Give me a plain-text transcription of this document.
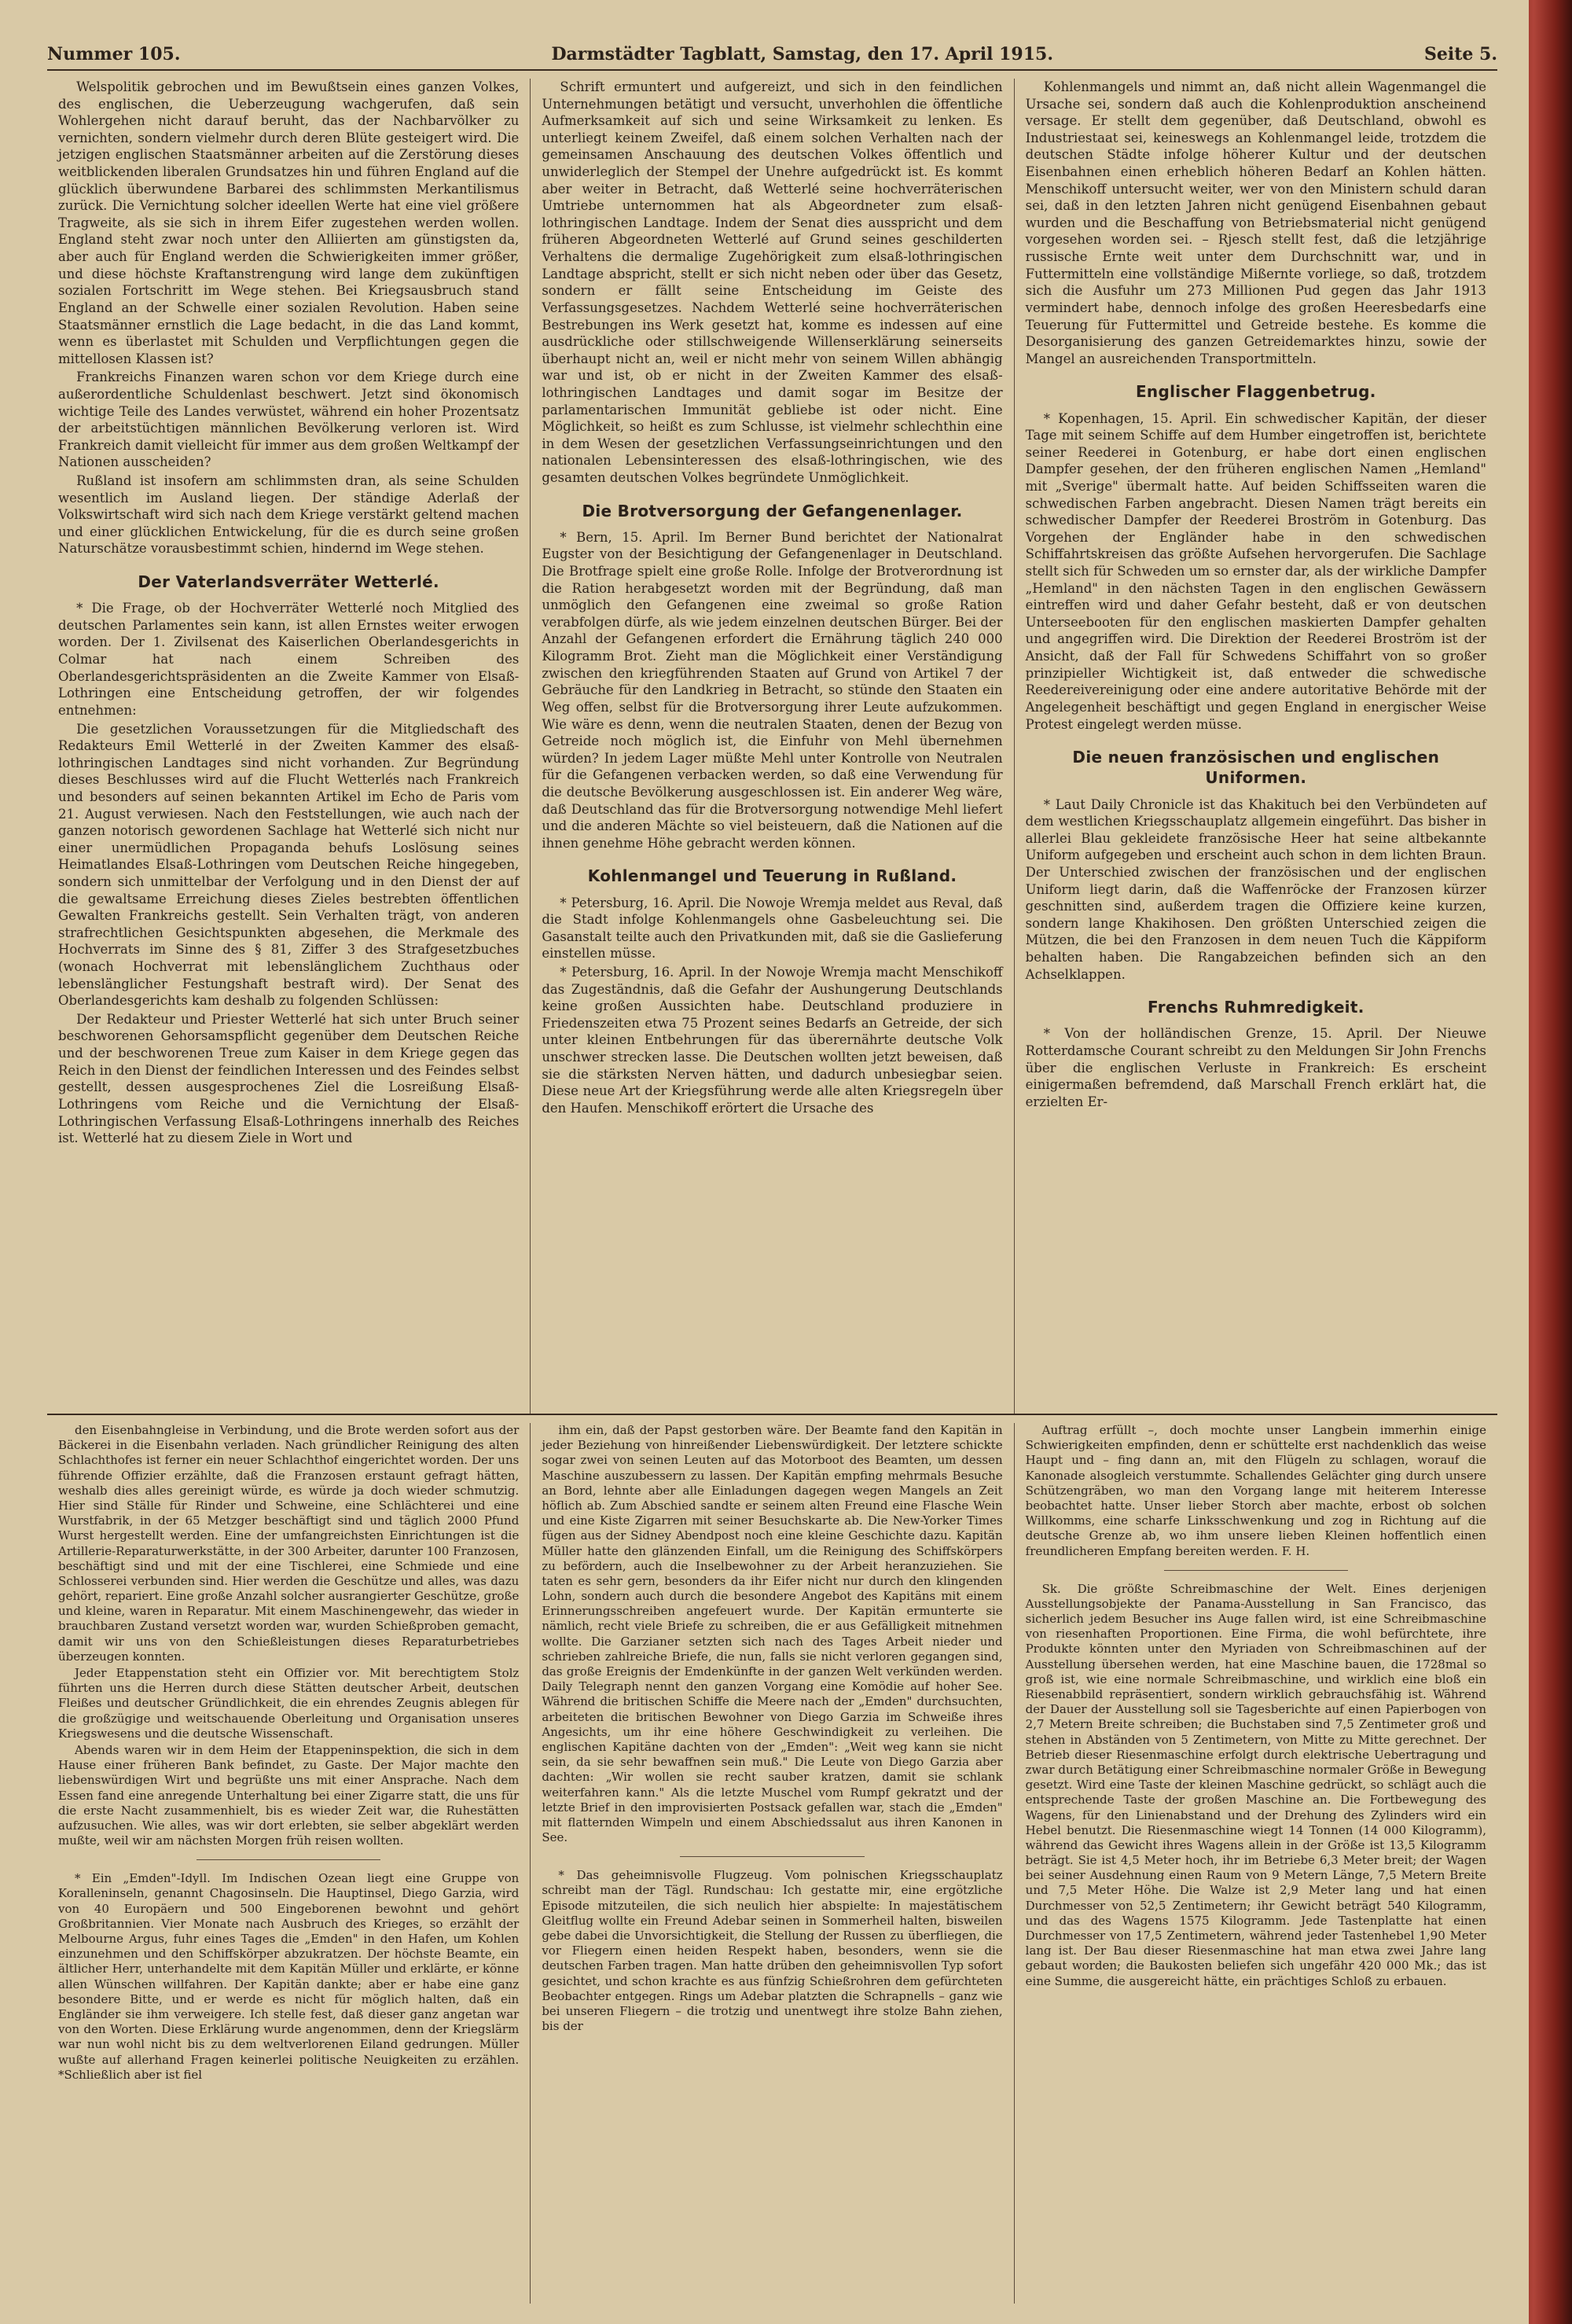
Nummer 105.	Darmstädter Tagblatt, Samstag, den 17. April 1915.	Seite 5.

Welspolitik gebrochen und im Bewußtsein eines ganzen Volkes, des englischen, die Ueberzeugung wachgerufen, daß sein Wohlergehen nicht darauf beruht, das der Nachbarvölker zu vernichten, sondern vielmehr durch deren Blüte gesteigert wird. Die jetzigen englischen Staatsmänner arbeiten auf die Zerstörung dieses weitblickenden liberalen Grundsatzes hin und führen England auf die glücklich überwundene Barbarei des schlimmsten Merkantilismus zurück. Die Vernichtung solcher ideellen Werte hat eine viel größere Tragweite, als sie sich in ihrem Eifer zugestehen werden wollen. England steht zwar noch unter den Alliierten am günstigsten da, aber auch für England werden die Schwierigkeiten immer größer, und diese höchste Kraftanstrengung wird lange dem zukünftigen sozialen Fortschritt im Wege stehen. Bei Kriegsausbruch stand England an der Schwelle einer sozialen Revolution. Haben seine Staatsmänner ernstlich die Lage bedacht, in die das Land kommt, wenn es überlastet mit Schulden und Verpflichtungen gegen die mittellosen Klassen ist?

Frankreichs Finanzen waren schon vor dem Kriege durch eine außerordentliche Schuldenlast beschwert. Jetzt sind ökonomisch wichtige Teile des Landes verwüstet, während ein hoher Prozentsatz der arbeitstüchtigen männlichen Bevölkerung verloren ist. Wird Frankreich damit vielleicht für immer aus dem großen Weltkampf der Nationen ausscheiden?

Rußland ist insofern am schlimmsten dran, als seine Schulden wesentlich im Ausland liegen. Der ständige Aderlaß der Volkswirtschaft wird sich nach dem Kriege verstärkt geltend machen und einer glücklichen Entwickelung, für die es durch seine großen Naturschätze vorausbestimmt schien, hindernd im Wege stehen.

Der Vaterlandsverräter Wetterlé.

* Die Frage, ob der Hochverräter Wetterlé noch Mitglied des deutschen Parlamentes sein kann, ist allen Ernstes weiter erwogen worden. Der 1. Zivilsenat des Kaiserlichen Oberlandesgerichts in Colmar hat nach einem Schreiben des Oberlandesgerichtspräsidenten an die Zweite Kammer von Elsaß-Lothringen eine Entscheidung getroffen, der wir folgendes entnehmen:

Die gesetzlichen Voraussetzungen für die Mitgliedschaft des Redakteurs Emil Wetterlé in der Zweiten Kammer des elsaß-lothringischen Landtages sind nicht vorhanden. Zur Begründung dieses Beschlusses wird auf die Flucht Wetterlés nach Frankreich und besonders auf seinen bekannten Artikel im Echo de Paris vom 21. August verwiesen. Nach den Feststellungen, wie auch nach der ganzen notorisch gewordenen Sachlage hat Wetterlé sich nicht nur einer unermüdlichen Propaganda behufs Loslösung seines Heimatlandes Elsaß-Lothringen vom Deutschen Reiche hingegeben, sondern sich unmittelbar der Verfolgung und in den Dienst der auf die gewaltsame Erreichung dieses Zieles bestrebten öffentlichen Gewalten Frankreichs gestellt. Sein Verhalten trägt, von anderen strafrechtlichen Gesichtspunkten abgesehen, die Merkmale des Hochverrats im Sinne des § 81, Ziffer 3 des Strafgesetzbuches (wonach Hochverrat mit lebenslänglichem Zuchthaus oder lebenslänglicher Festungshaft bestraft wird). Der Senat des Oberlandesgerichts kam deshalb zu folgenden Schlüssen:

Der Redakteur und Priester Wetterlé hat sich unter Bruch seiner beschworenen Gehorsamspflicht gegenüber dem Deutschen Reiche und der beschworenen Treue zum Kaiser in dem Kriege gegen das Reich in den Dienst der feindlichen Interessen und des Feindes selbst gestellt, dessen ausgesprochenes Ziel die Losreißung Elsaß-Lothringens vom Reiche und die Vernichtung der Elsaß-Lothringischen Verfassung Elsaß-Lothringens innerhalb des Reiches ist. Wetterlé hat zu diesem Ziele in Wort und

Schrift ermuntert und aufgereizt, und sich in den feindlichen Unternehmungen betätigt und versucht, unverhohlen die öffentliche Aufmerksamkeit auf sich und seine Wirksamkeit zu lenken. Es unterliegt keinem Zweifel, daß einem solchen Verhalten nach der gemeinsamen Anschauung des deutschen Volkes öffentlich und unwiderleglich der Stempel der Unehre aufgedrückt ist. Es kommt aber weiter in Betracht, daß Wetterlé seine hochverräterischen Umtriebe unternommen hat als Abgeordneter zum elsaß-lothringischen Landtage. Indem der Senat dies ausspricht und dem früheren Abgeordneten Wetterlé auf Grund seines geschilderten Verhaltens die dermalige Zugehörigkeit zum elsaß-lothringischen Landtage abspricht, stellt er sich nicht neben oder über das Gesetz, sondern er fällt seine Entscheidung im Geiste des Verfassungsgesetzes. Nachdem Wetterlé seine hochverräterischen Bestrebungen ins Werk gesetzt hat, komme es indessen auf eine ausdrückliche oder stillschweigende Willenserklärung seinerseits überhaupt nicht an, weil er nicht mehr von seinem Willen abhängig war und ist, ob er nicht in der Zweiten Kammer des elsaß-lothringischen Landtages und damit sogar im Besitze der parlamentarischen Immunität gebliebe ist oder nicht. Eine Möglichkeit, so heißt es zum Schlusse, ist vielmehr schlechthin eine in dem Wesen der gesetzlichen Verfassungseinrichtungen und den nationalen Lebensinteressen des elsaß-lothringischen, wie des gesamten deutschen Volkes begründete Unmöglichkeit.

Die Brotversorgung der Gefangenenlager.

* Bern, 15. April. Im Berner Bund berichtet der Nationalrat Eugster von der Besichtigung der Gefangenenlager in Deutschland. Die Brotfrage spielt eine große Rolle. Infolge der Brotverordnung ist die Ration herabgesetzt worden mit der Begründung, daß man unmöglich den Gefangenen eine zweimal so große Ration verabfolgen dürfe, als wie jedem einzelnen deutschen Bürger. Bei der Anzahl der Gefangenen erfordert die Ernährung täglich 240 000 Kilogramm Brot. Zieht man die Möglichkeit einer Verständigung zwischen den kriegführenden Staaten auf Grund von Artikel 7 der Gebräuche für den Landkrieg in Betracht, so stünde den Staaten ein Weg offen, selbst für die Brotversorgung ihrer Leute aufzukommen. Wie wäre es denn, wenn die neutralen Staaten, denen der Bezug von Getreide noch möglich ist, die Einfuhr von Mehl übernehmen würden? In jedem Lager müßte Mehl unter Kontrolle von Neutralen für die Gefangenen verbacken werden, so daß eine Verwendung für die deutsche Bevölkerung ausgeschlossen ist. Ein anderer Weg wäre, daß Deutschland das für die Brotversorgung notwendige Mehl liefert und die anderen Mächte so viel beisteuern, daß die Nationen auf die ihnen genehme Höhe gebracht werden können.

Kohlenmangel und Teuerung in Rußland.

* Petersburg, 16. April. Die Nowoje Wremja meldet aus Reval, daß die Stadt infolge Kohlenmangels ohne Gasbeleuchtung sei. Die Gasanstalt teilte auch den Privatkunden mit, daß sie die Gaslieferung einstellen müsse.

* Petersburg, 16. April. In der Nowoje Wremja macht Menschikoff das Zugeständnis, daß die Gefahr der Aushungerung Deutschlands keine großen Aussichten habe. Deutschland produziere in Friedenszeiten etwa 75 Prozent seines Bedarfs an Getreide, der sich unter kleinen Entbehrungen für das überernährte deutsche Volk unschwer strecken lasse. Die Deutschen wollten jetzt beweisen, daß sie die stärksten Nerven hätten, und dadurch unbesiegbar seien. Diese neue Art der Kriegsführung werde alle alten Kriegsregeln über den Haufen. Menschikoff erörtert die Ursache des

Kohlenmangels und nimmt an, daß nicht allein Wagenmangel die Ursache sei, sondern daß auch die Kohlenproduktion anscheinend versage. Er stellt dem gegenüber, daß Deutschland, obwohl es Industriestaat sei, keineswegs an Kohlenmangel leide, trotzdem die deutschen Städte infolge höherer Kultur und der deutschen Eisenbahnen einen erheblich höheren Bedarf an Kohlen hätten. Menschikoff untersucht weiter, wer von den Ministern schuld daran sei, daß in den letzten Jahren nicht genügend Eisenbahnen gebaut wurden und die Beschaffung von Betriebsmaterial nicht genügend vorgesehen worden sei. – Rjesch stellt fest, daß die letzjährige russische Ernte weit unter dem Durchschnitt war, und in Futtermitteln eine vollständige Mißernte vorliege, so daß, trotzdem sich die Ausfuhr um 273 Millionen Pud gegen das Jahr 1913 vermindert habe, dennoch infolge des großen Heeresbedarfs eine Teuerung für Futtermittel und Getreide bestehe. Es komme die Desorganisierung des ganzen Getreidemarktes hinzu, sowie der Mangel an ausreichenden Transportmitteln.

Englischer Flaggenbetrug.

* Kopenhagen, 15. April. Ein schwedischer Kapitän, der dieser Tage mit seinem Schiffe auf dem Humber eingetroffen ist, berichtete seiner Reederei in Gotenburg, er habe dort einen englischen Dampfer gesehen, der den früheren englischen Namen „Hemland" mit „Sverige" übermalt hatte. Auf beiden Schiffsseiten waren die schwedischen Farben angebracht. Diesen Namen trägt bereits ein schwedischer Dampfer der Reederei Broström in Gotenburg. Das Vorgehen der Engländer habe in den schwedischen Schiffahrtskreisen das größte Aufsehen hervorgerufen. Die Sachlage stellt sich für Schweden um so ernster dar, als der wirkliche Dampfer „Hemland" in den nächsten Tagen in den englischen Gewässern eintreffen wird und daher Gefahr besteht, daß er von deutschen Unterseebooten für den englischen maskierten Dampfer gehalten und angegriffen wird. Die Direktion der Reederei Broström ist der Ansicht, daß der Fall für Schwedens Schiffahrt von so großer prinzipieller Wichtigkeit ist, daß entweder die schwedische Reedereivereinigung oder eine andere autoritative Behörde mit der Angelegenheit beschäftigt und gegen England in energischer Weise Protest eingelegt werden müsse.

Die neuen französischen und englischen Uniformen.

* Laut Daily Chronicle ist das Khakituch bei den Verbündeten auf dem westlichen Kriegsschauplatz allgemein eingeführt. Das bisher in allerlei Blau gekleidete französische Heer hat seine altbekannte Uniform aufgegeben und erscheint auch schon in dem lichten Braun. Der Unterschied zwischen der französischen und der englischen Uniform liegt darin, daß die Waffenröcke der Franzosen kürzer geschnitten sind, außerdem tragen die Offiziere keine kurzen, sondern lange Khakihosen. Den größten Unterschied zeigen die Mützen, die bei den Franzosen in dem neuen Tuch die Käppiform behalten haben. Die Rangabzeichen befinden sich an den Achselklappen.

Frenchs Ruhmredigkeit.

* Von der holländischen Grenze, 15. April. Der Nieuwe Rotterdamsche Courant schreibt zu den Meldungen Sir John Frenchs über die englischen Verluste in Frankreich: Es erscheint einigermaßen befremdend, daß Marschall French erklärt hat, die erzielten Er-

den Eisenbahngleise in Verbindung, und die Brote werden sofort aus der Bäckerei in die Eisenbahn verladen. Nach gründlicher Reinigung des alten Schlachthofes ist ferner ein neuer Schlachthof eingerichtet worden. Der uns führende Offizier erzählte, daß die Franzosen erstaunt gefragt hätten, weshalb dies alles gereinigt würde, es würde ja doch wieder schmutzig. Hier sind Ställe für Rinder und Schweine, eine Schlächterei und eine Wurstfabrik, in der 65 Metzger beschäftigt sind und täglich 2000 Pfund Wurst hergestellt werden. Eine der umfangreichsten Einrichtungen ist die Artillerie-Reparaturwerkstätte, in der 300 Arbeiter, darunter 100 Franzosen, beschäftigt sind und mit der eine Tischlerei, eine Schmiede und eine Schlosserei verbunden sind. Hier werden die Geschütze und alles, was dazu gehört, repariert. Eine große Anzahl solcher ausrangierter Geschütze, große und kleine, waren in Reparatur. Mit einem Maschinengewehr, das wieder in brauchbaren Zustand versetzt worden war, wurden Schießproben gemacht, damit wir uns von den Schießleistungen dieses Reparaturbetriebes überzeugen konnten.

Jeder Etappenstation steht ein Offizier vor. Mit berechtigtem Stolz führten uns die Herren durch diese Stätten deutscher Arbeit, deutschen Fleißes und deutscher Gründlichkeit, die ein ehrendes Zeugnis ablegen für die großzügige und weitschauende Oberleitung und Organisation unseres Kriegswesens und die deutsche Wissenschaft.

Abends waren wir in dem Heim der Etappeninspektion, die sich in dem Hause einer früheren Bank befindet, zu Gaste. Der Major machte den liebenswürdigen Wirt und begrüßte uns mit einer Ansprache. Nach dem Essen fand eine anregende Unterhaltung bei einer Zigarre statt, die uns für die erste Nacht zusammenhielt, bis es wieder Zeit war, die Ruhestätten aufzusuchen. Wie alles, was wir dort erlebten, sie selber abgeklärt werden mußte, weil wir am nächsten Morgen früh reisen wollten.

* Ein „Emden"-Idyll. Im Indischen Ozean liegt eine Gruppe von Koralleninseln, genannt Chagosinseln. Die Hauptinsel, Diego Garzia, wird von 40 Europäern und 500 Eingeborenen bewohnt und gehört Großbritannien. Vier Monate nach Ausbruch des Krieges, so erzählt der Melbourne Argus, fuhr eines Tages die „Emden" in den Hafen, um Kohlen einzunehmen und den Schiffskörper abzukratzen. Der höchste Beamte, ein ältlicher Herr, unterhandelte mit dem Kapitän Müller und erklärte, er könne allen Wünschen willfahren. Der Kapitän dankte; aber er habe eine ganz besondere Bitte, und er werde es nicht für möglich halten, daß ein Engländer sie ihm verweigere. Ich stelle fest, daß dieser ganz angetan war von den Worten. Diese Erklärung wurde angenommen, denn der Kriegslärm war nun wohl nicht bis zu dem weltverlorenen Eiland gedrungen. Müller wußte auf allerhand Fragen keinerlei politische Neuigkeiten zu erzählen. *Schließlich aber ist fiel

ihm ein, daß der Papst gestorben wäre. Der Beamte fand den Kapitän in jeder Beziehung von hinreißender Liebenswürdigkeit. Der letztere schickte sogar zwei von seinen Leuten auf das Motorboot des Beamten, um dessen Maschine auszubessern zu lassen. Der Kapitän empfing mehrmals Besuche an Bord, lehnte aber alle Einladungen dagegen wegen Mangels an Zeit höflich ab. Zum Abschied sandte er seinem alten Freund eine Flasche Wein und eine Kiste Zigarren mit seiner Besuchskarte ab. Die New-Yorker Times fügen aus der Sidney Abendpost noch eine kleine Geschichte dazu. Kapitän Müller hatte den glänzenden Einfall, um die Reinigung des Schiffskörpers zu befördern, auch die Inselbewohner zu der Arbeit heranzuziehen. Sie taten es sehr gern, besonders da ihr Eifer nicht nur durch den klingenden Lohn, sondern auch durch die besondere Angebot des Kapitäns mit einem Erinnerungsschreiben angefeuert wurde. Der Kapitän ermunterte sie nämlich, recht viele Briefe zu schreiben, die er aus Gefälligkeit mitnehmen wollte. Die Garzianer setzten sich nach des Tages Arbeit nieder und schrieben zahlreiche Briefe, die nun, falls sie nicht verloren gegangen sind, das große Ereignis der Emdenkünfte in der ganzen Welt verkünden werden. Daily Telegraph nennt den ganzen Vorgang eine Komödie auf hoher See. Während die britischen Schiffe die Meere nach der „Emden" durchsuchten, arbeiteten die britischen Bewohner von Diego Garzia im Schweiße ihres Angesichts, um ihr eine höhere Geschwindigkeit zu verleihen. Die englischen Kapitäne dachten von der „Emden": „Weit weg kann sie nicht sein, da sie sehr bewaffnen sein muß." Die Leute von Diego Garzia aber dachten: „Wir wollen sie recht sauber kratzen, damit sie schlank weiterfahren kann." Als die letzte Muschel vom Rumpf gekratzt und der letzte Brief in den improvisierten Postsack gefallen war, stach die „Emden" mit flatternden Wimpeln und einem Abschiedssalut aus ihren Kanonen in See.

* Das geheimnisvolle Flugzeug. Vom polnischen Kriegsschauplatz schreibt man der Tägl. Rundschau: Ich gestatte mir, eine ergötzliche Episode mitzuteilen, die sich neulich hier abspielte: In majestätischem Gleitflug wollte ein Freund Adebar seinen in Sommerheil halten, bisweilen gebe dabei die Unvorsichtigkeit, die Stellung der Russen zu überfliegen, die vor Fliegern einen heiden Respekt haben, besonders, wenn sie die deutschen Farben tragen. Man hatte drüben den geheimnisvollen Typ sofort gesichtet, und schon krachte es aus fünfzig Schießrohren dem gefürchteten Beobachter entgegen. Rings um Adebar platzten die Schrapnells – ganz wie bei unseren Fliegern – die trotzig und unentwegt ihre stolze Bahn ziehen, bis der

Auftrag erfüllt –, doch mochte unser Langbein immerhin einige Schwierigkeiten empfinden, denn er schüttelte erst nachdenklich das weise Haupt und – fing dann an, mit den Flügeln zu schlagen, worauf die Kanonade alsogleich verstummte. Schallendes Gelächter ging durch unsere Schützengräben, wo man den Vorgang lange mit heiterem Interesse beobachtet hatte. Unser lieber Storch aber machte, erbost ob solchen Willkomms, eine scharfe Linksschwenkung und zog in Richtung auf die deutsche Grenze ab, wo ihm unsere lieben Kleinen hoffentlich einen freundlicheren Empfang bereiten werden. F. H.

Sk. Die größte Schreibmaschine der Welt. Eines derjenigen Ausstellungsobjekte der Panama-Ausstellung in San Francisco, das sicherlich jedem Besucher ins Auge fallen wird, ist eine Schreibmaschine von riesenhaften Proportionen. Eine Firma, die wohl befürchtete, ihre Produkte könnten unter den Myriaden von Schreibmaschinen auf der Ausstellung übersehen werden, hat eine Maschine bauen, die 1728mal so groß ist, wie eine normale Schreibmaschine, und wirklich eine bloß ein Riesenabbild repräsentiert, sondern wirklich gebrauchsfähig ist. Während der Dauer der Ausstellung soll sie Tagesberichte auf einen Papierbogen von 2,7 Metern Breite schreiben; die Buchstaben sind 7,5 Zentimeter groß und stehen in Abständen von 5 Zentimetern, von Mitte zu Mitte gerechnet. Der Betrieb dieser Riesenmaschine erfolgt durch elektrische Uebertragung und zwar durch Betätigung einer Schreibmaschine normaler Größe in Bewegung gesetzt. Wird eine Taste der kleinen Maschine gedrückt, so schlägt auch die entsprechende Taste der großen Maschine an. Die Fortbewegung des Wagens, für den Linienabstand und der Drehung des Zylinders wird ein Hebel benutzt. Die Riesenmaschine wiegt 14 Tonnen (14 000 Kilogramm), während das Gewicht ihres Wagens allein in der Größe ist 13,5 Kilogramm beträgt. Sie ist 4,5 Meter hoch, ihr im Betriebe 6,3 Meter breit; der Wagen bei seiner Ausdehnung einen Raum von 9 Metern Länge, 7,5 Metern Breite und 7,5 Meter Höhe. Die Walze ist 2,9 Meter lang und hat einen Durchmesser von 52,5 Zentimetern; ihr Gewicht beträgt 540 Kilogramm, und das des Wagens 1575 Kilogramm. Jede Tastenplatte hat einen Durchmesser von 17,5 Zentimetern, während jeder Tastenhebel 1,90 Meter lang ist. Der Bau dieser Riesenmaschine hat man etwa zwei Jahre lang gebaut worden; die Baukosten beliefen sich ungefähr 420 000 Mk.; das ist eine Summe, die ausgereicht hätte, ein prächtiges Schloß zu erbauen.
